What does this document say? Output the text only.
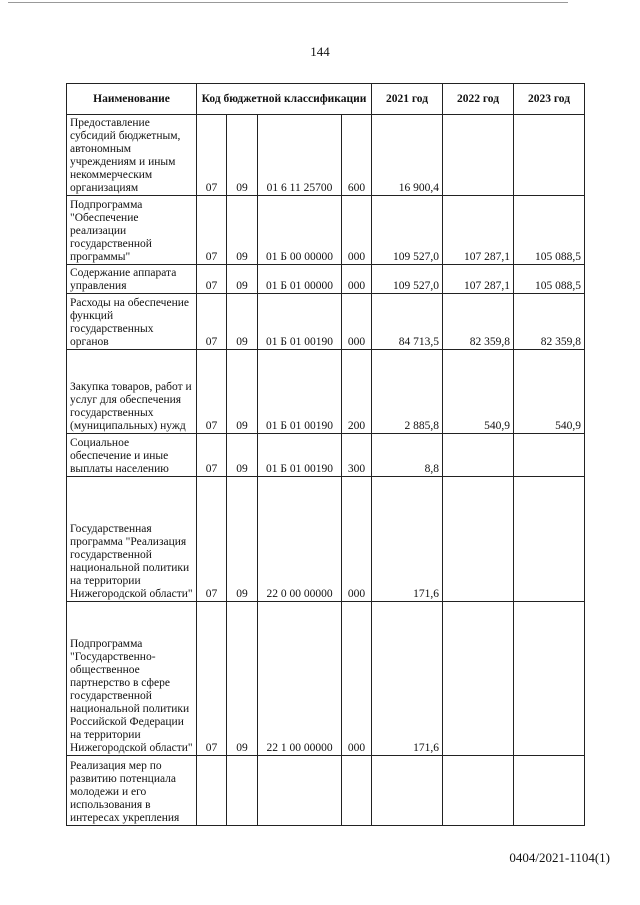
144
Наименование	Код бюджетной классификации				2021 год	2022 год	2023 год
Предоставление субсидий бюджетным, автономным учреждениям и иным некоммерческим организациям	07	09	01 6 11 25700	600	16 900,4		
Подпрограмма "Обеспечение реализации государственной программы"	07	09	01 Б 00 00000	000	109 527,0	107 287,1	105 088,5
Содержание аппарата управления	07	09	01 Б 01 00000	000	109 527,0	107 287,1	105 088,5
Расходы на обеспечение функций государственных органов	07	09	01 Б 01 00190	000	84 713,5	82 359,8	82 359,8
Закупка товаров, работ и услуг для обеспечения государственных (муниципальных) нужд	07	09	01 Б 01 00190	200	2 885,8	540,9	540,9
Социальное обеспечение и иные выплаты населению	07	09	01 Б 01 00190	300	8,8		
Государственная программа "Реализация государственной национальной политики на территории Нижегородской области"	07	09	22 0 00 00000	000	171,6		
Подпрограмма "Государственно-общественное партнерство в сфере государственной национальной политики Российской Федерации на территории Нижегородской области"	07	09	22 1 00 00000	000	171,6		
Реализация мер по развитию потенциала молодежи и его использования в интересах укрепления							
0404/2021-1104(1)
